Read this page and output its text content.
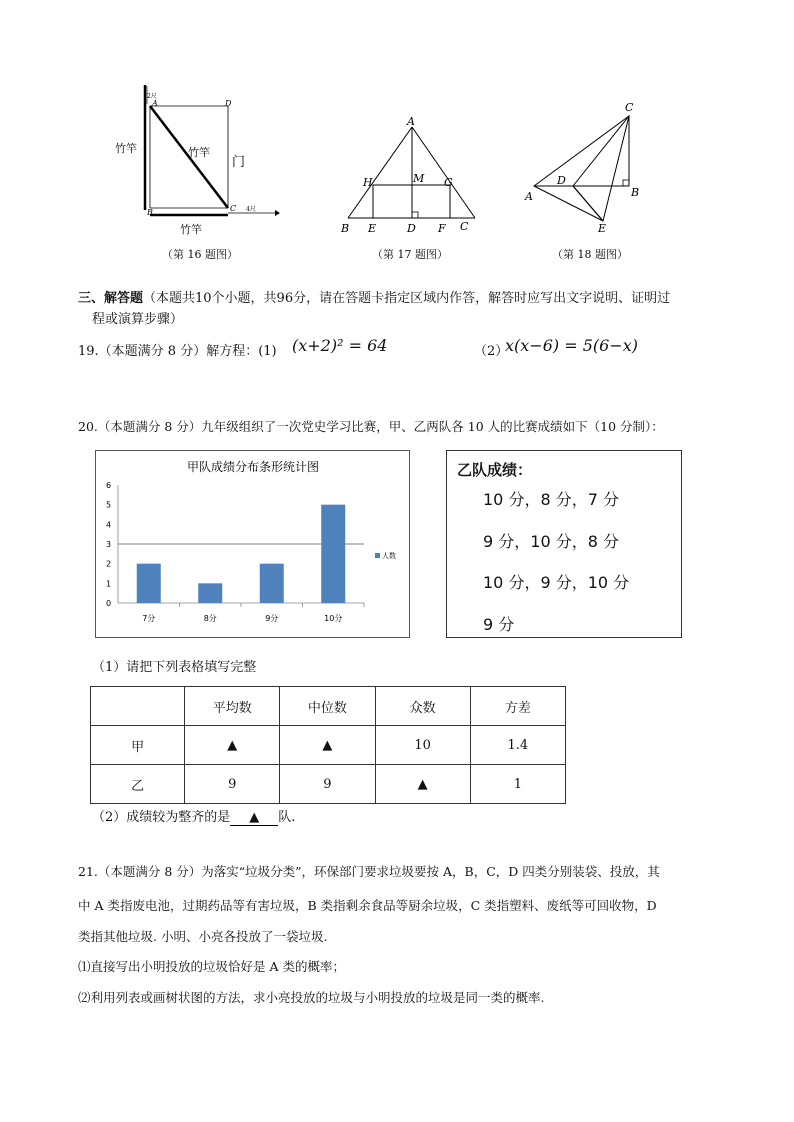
竹竿	竹竿
竹竿
门
2尺
4尺
A	D
B	C
（第 16 题图）
A
H	M G
B E	D F C
（第 17 题图）
C
D
A	B
E
（第 18 题图）
三、解答题（本题共10个小题，共96分，请在答题卡指定区域内作答，解答时应写出文字说明、证明过
程或演算步骤）
19.（本题满分 8 分）解方程：(1) (x+2)² = 64	（2）
x(x−6) = 5(6−x)
20.（本题满分 8 分）九年级组织了一次党史学习比赛，甲、乙两队各 10 人的比赛成绩如下（10 分制）：
甲队成绩分布条形统计图
0
1
2
3
4
5
6
7分	8分	9分	10分
人数
乙队成绩：
10 分，8 分，7 分
9 分，10 分，8 分
10 分，9 分，10 分
9 分
（1）请把下列表格填写完整
	平均数	中位数	众数	方差
甲	▲	▲	10	1.4
乙	9	9	▲	1
（2）成绩较为整齐的是 ▲ 队.
21.（本题满分 8 分）为落实“垃圾分类”，环保部门要求垃圾要按 A，B，C，D 四类分别装袋、投放，其
中 A 类指废电池，过期药品等有害垃圾，B 类指剩余食品等厨余垃圾，C 类指塑料、废纸等可回收物，D
类指其他垃圾. 小明、小亮各投放了一袋垃圾.
⑴直接写出小明投放的垃圾恰好是 A 类的概率；
⑵利用列表或画树状图的方法，求小亮投放的垃圾与小明投放的垃圾是同一类的概率.
